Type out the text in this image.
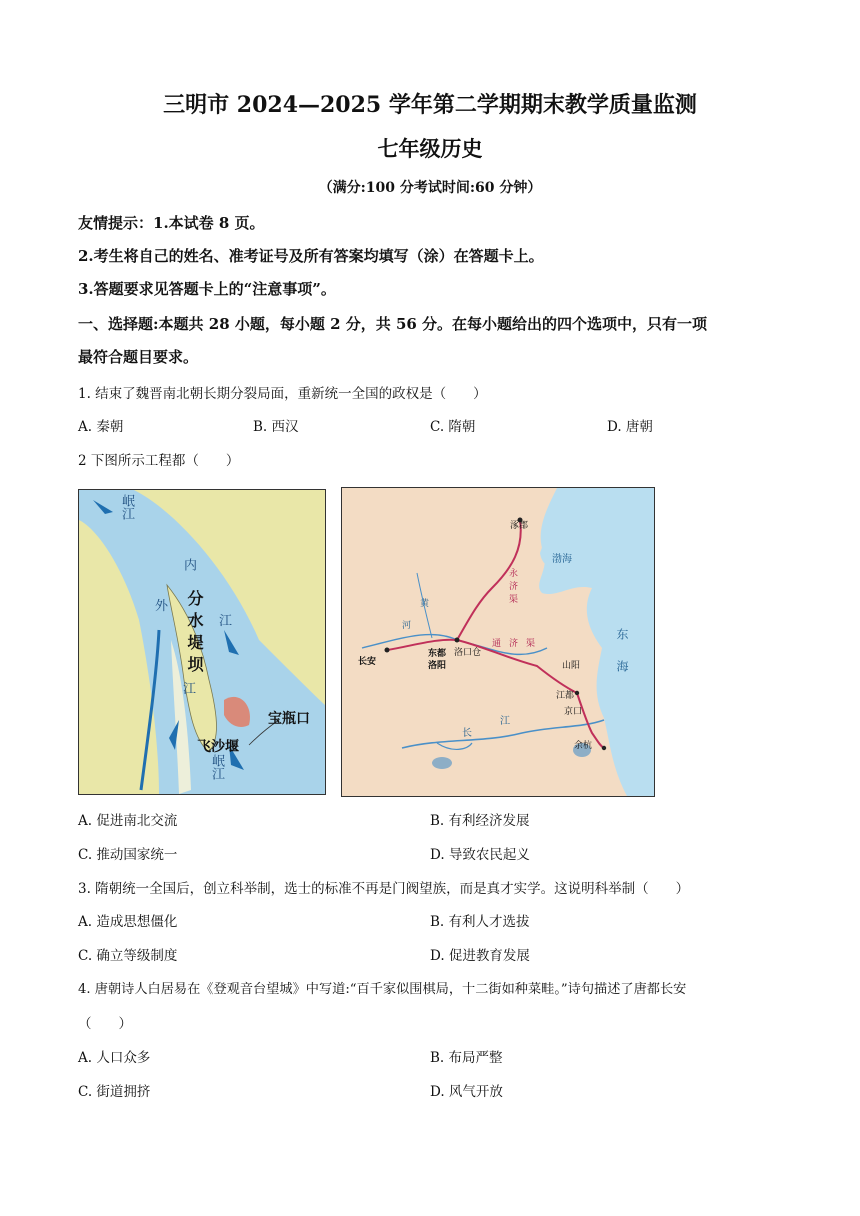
三明市 2024—2025 学年第二学期期末教学质量监测
七年级历史
（满分:100 分考试时间:60 分钟）
友情提示：1.本试卷 8 页。
2.考生将自己的姓名、准考证号及所有答案均填写（涂）在答题卡上。
3.答题要求见答题卡上的“注意事项”。
一、选择题:本题共 28 小题，每小题 2 分，共 56 分。在每小题给出的四个选项中，只有一项
最符合题目要求。
1. 结束了魏晋南北朝长期分裂局面，重新统一全国的政权是（　　）
A. 秦朝	B. 西汉	C. 隋朝	D. 唐朝
2 下图所示工程都（　　）
岷江
内
江
外
江
分水堤坝
宝瓶口
飞沙堰
岷江
涿郡
渤海
东海
长安
东都
洛阳
洛口仓
山阳
江都
京口
余杭
永济渠
通济渠
黄
河
长
江
A. 促进南北交流	B. 有利经济发展
C. 推动国家统一	D. 导致农民起义
3. 隋朝统一全国后，创立科举制，选士的标准不再是门阀望族，而是真才实学。这说明科举制（　　）
A. 造成思想僵化	B. 有利人才选拔
C. 确立等级制度	D. 促进教育发展
4. 唐朝诗人白居易在《登观音台望城》中写道:“百千家似围棋局，十二街如种菜畦。”诗句描述了唐都长安
（　　）
A. 人口众多	B. 布局严整
C. 街道拥挤	D. 风气开放
